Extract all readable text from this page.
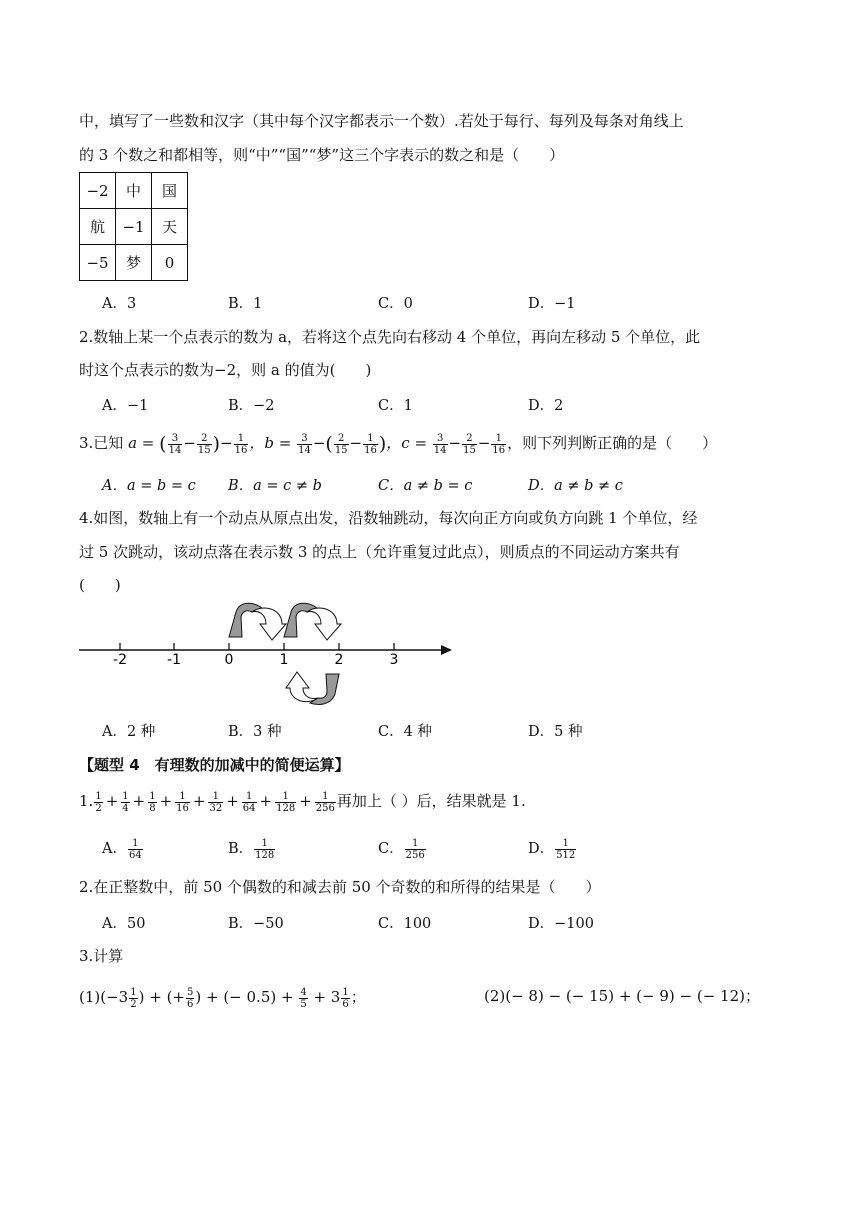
中，填写了一些数和汉字（其中每个汉字都表示一个数）.若处于每行、每列及每条对角线上
的 3 个数之和都相等，则“中”“国”“梦”这三个字表示的数之和是（　　）
−2	中	国
航	−1	天
−5	梦	0
A．3	B．1	C．0	D．−1
2.数轴上某一个点表示的数为 a，若将这个点先向右移动 4 个单位，再向左移动 5 个单位，此
时这个点表示的数为−2，则 a 的值为(　　)
A．−1	B．−2	C．1	D．2
3.已知 a = ( $\frac{3}{14} - \frac{2}{15}$ )− $\frac{1}{16}$ ，$b = \frac{3}{14}$ −( $\frac{2}{15} - \frac{1}{16}$ )，$c = \frac{3}{14} - \frac{2}{15} - \frac{1}{16}$ ，则下列判断正确的是（　　）
A．a = b = c B．a = c ≠ b	C．a ≠ b = c	D．a ≠ b ≠ c
4.如图，数轴上有一个动点从原点出发，沿数轴跳动，每次向正方向或负方向跳 1 个单位，经
过 5 次跳动，该动点落在表示数 3 的点上（允许重复过此点），则质点的不同运动方案共有
(　　)
-2	-1	0	1	2	3
A．2 种	B．3 种	C．4 种	D．5 种
【题型 4　有理数的加减中的简便运算】
1. $\frac{1}{2} + \frac{1}{4} + \frac{1}{8} + \frac{1}{16} + \frac{1}{32} + \frac{1}{64} + \frac{1}{128} + \frac{1}{256}$ 再加上（ ）后，结果就是 1.
A． $\frac{1}{64}$	B． $\frac{1}{128}$	C． $\frac{1}{256}$	D． $\frac{1}{512}$
2.在正整数中，前 50 个偶数的和减去前 50 个奇数的和所得的结果是（　　）
A．50	B．−50	C．100	D．−100
3.计算
$(1)(-3 \frac{1}{2}$ ) + (+ $\frac{5}{6}$ ) + (− $0.5) + \frac{4}{5} + 3 \frac{1}{6}$ ；	(2)(− 8) − (− 15) + (− 9) − (− 12)；
